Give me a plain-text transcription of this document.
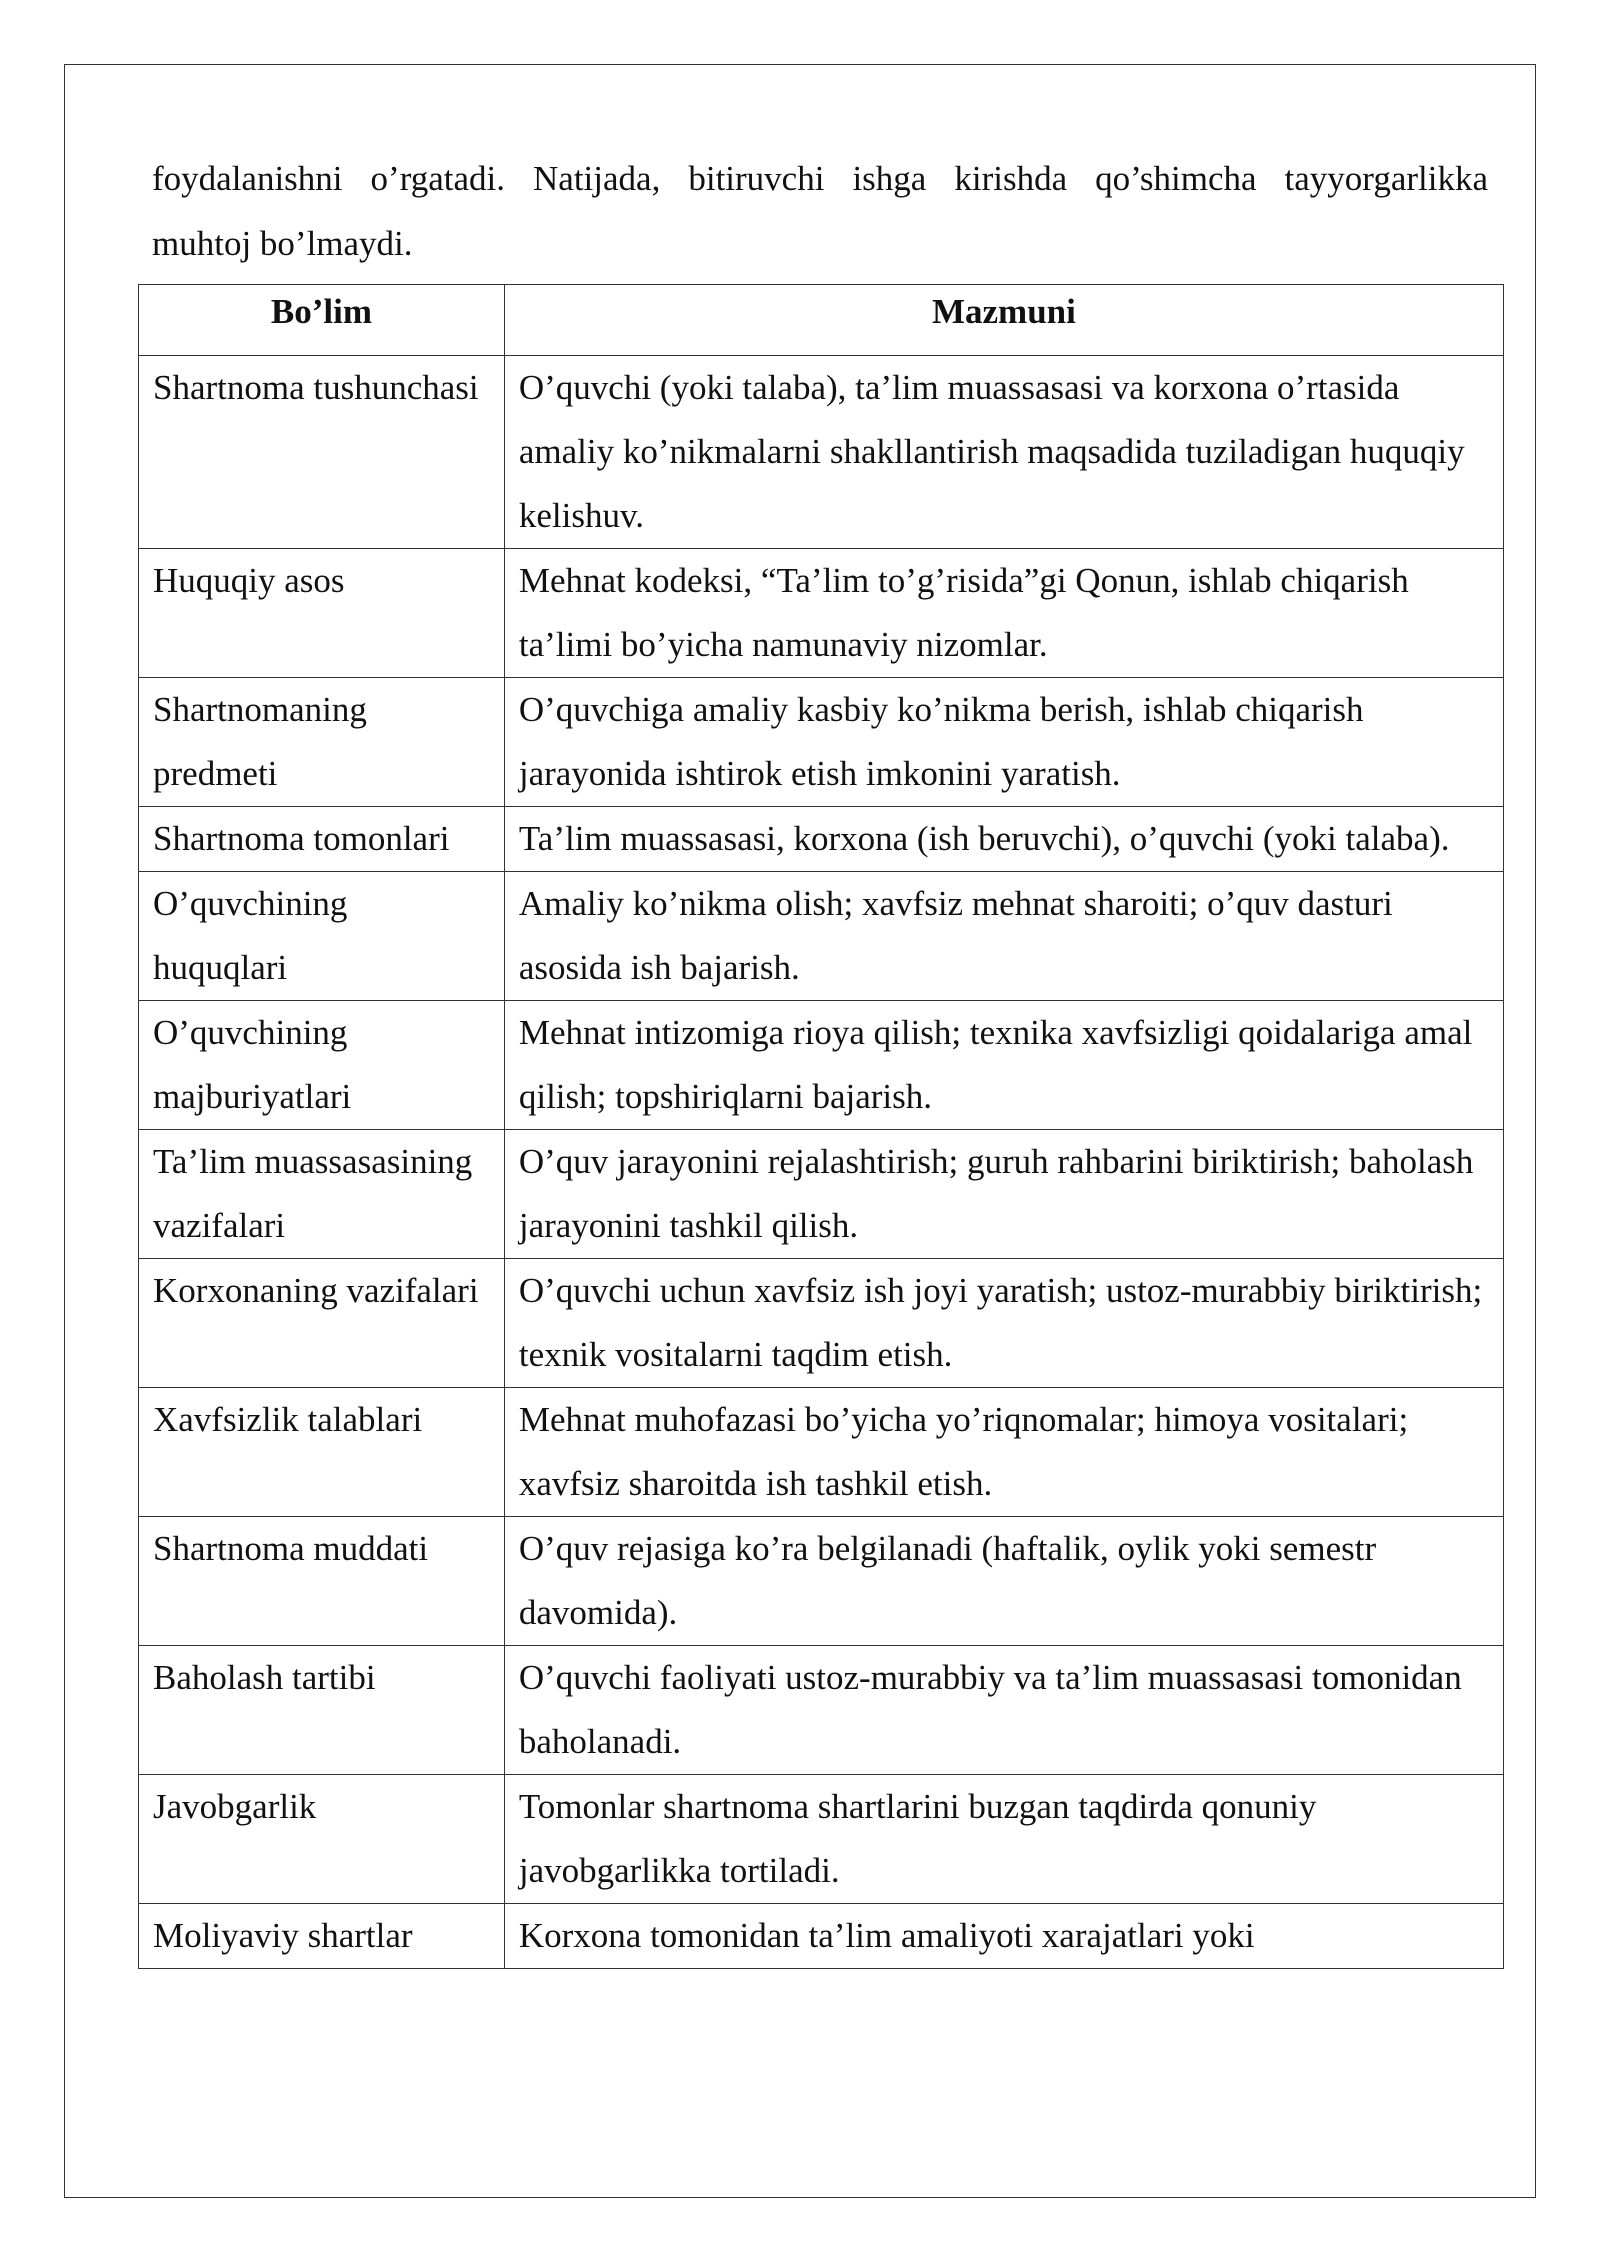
foydalanishni o’rgatadi. Natijada, bitiruvchi ishga kirishda qo’shimcha tayyorgarlikka
muhtoj bo’lmaydi.

Bo’lim	Mazmuni
Shartnoma tushunchasi	O’quvchi (yoki talaba), ta’lim muassasasi va korxona o’rtasida amaliy ko’nikmalarni shakllantirish maqsadida tuziladigan huquqiy kelishuv.
Huquqiy asos	Mehnat kodeksi, “Ta’lim to’g’risida”gi Qonun, ishlab chiqarish ta’limi bo’yicha namunaviy nizomlar.
Shartnomaning predmeti	O’quvchiga amaliy kasbiy ko’nikma berish, ishlab chiqarish jarayonida ishtirok etish imkonini yaratish.
Shartnoma tomonlari	Ta’lim muassasasi, korxona (ish beruvchi), o’quvchi (yoki talaba).
O’quvchining huquqlari	Amaliy ko’nikma olish; xavfsiz mehnat sharoiti; o’quv dasturi asosida ish bajarish.
O’quvchining majburiyatlari	Mehnat intizomiga rioya qilish; texnika xavfsizligi qoidalariga amal qilish; topshiriqlarni bajarish.
Ta’lim muassasasining vazifalari	O’quv jarayonini rejalashtirish; guruh rahbarini biriktirish; baholash jarayonini tashkil qilish.
Korxonaning vazifalari	O’quvchi uchun xavfsiz ish joyi yaratish; ustoz-murabbiy biriktirish; texnik vositalarni taqdim etish.
Xavfsizlik talablari	Mehnat muhofazasi bo’yicha yo’riqnomalar; himoya vositalari; xavfsiz sharoitda ish tashkil etish.
Shartnoma muddati	O’quv rejasiga ko’ra belgilanadi (haftalik, oylik yoki semestr davomida).
Baholash tartibi	O’quvchi faoliyati ustoz-murabbiy va ta’lim muassasasi tomonidan baholanadi.
Javobgarlik	Tomonlar shartnoma shartlarini buzgan taqdirda qonuniy javobgarlikka tortiladi.
Moliyaviy shartlar	Korxona tomonidan ta’lim amaliyoti xarajatlari yoki
